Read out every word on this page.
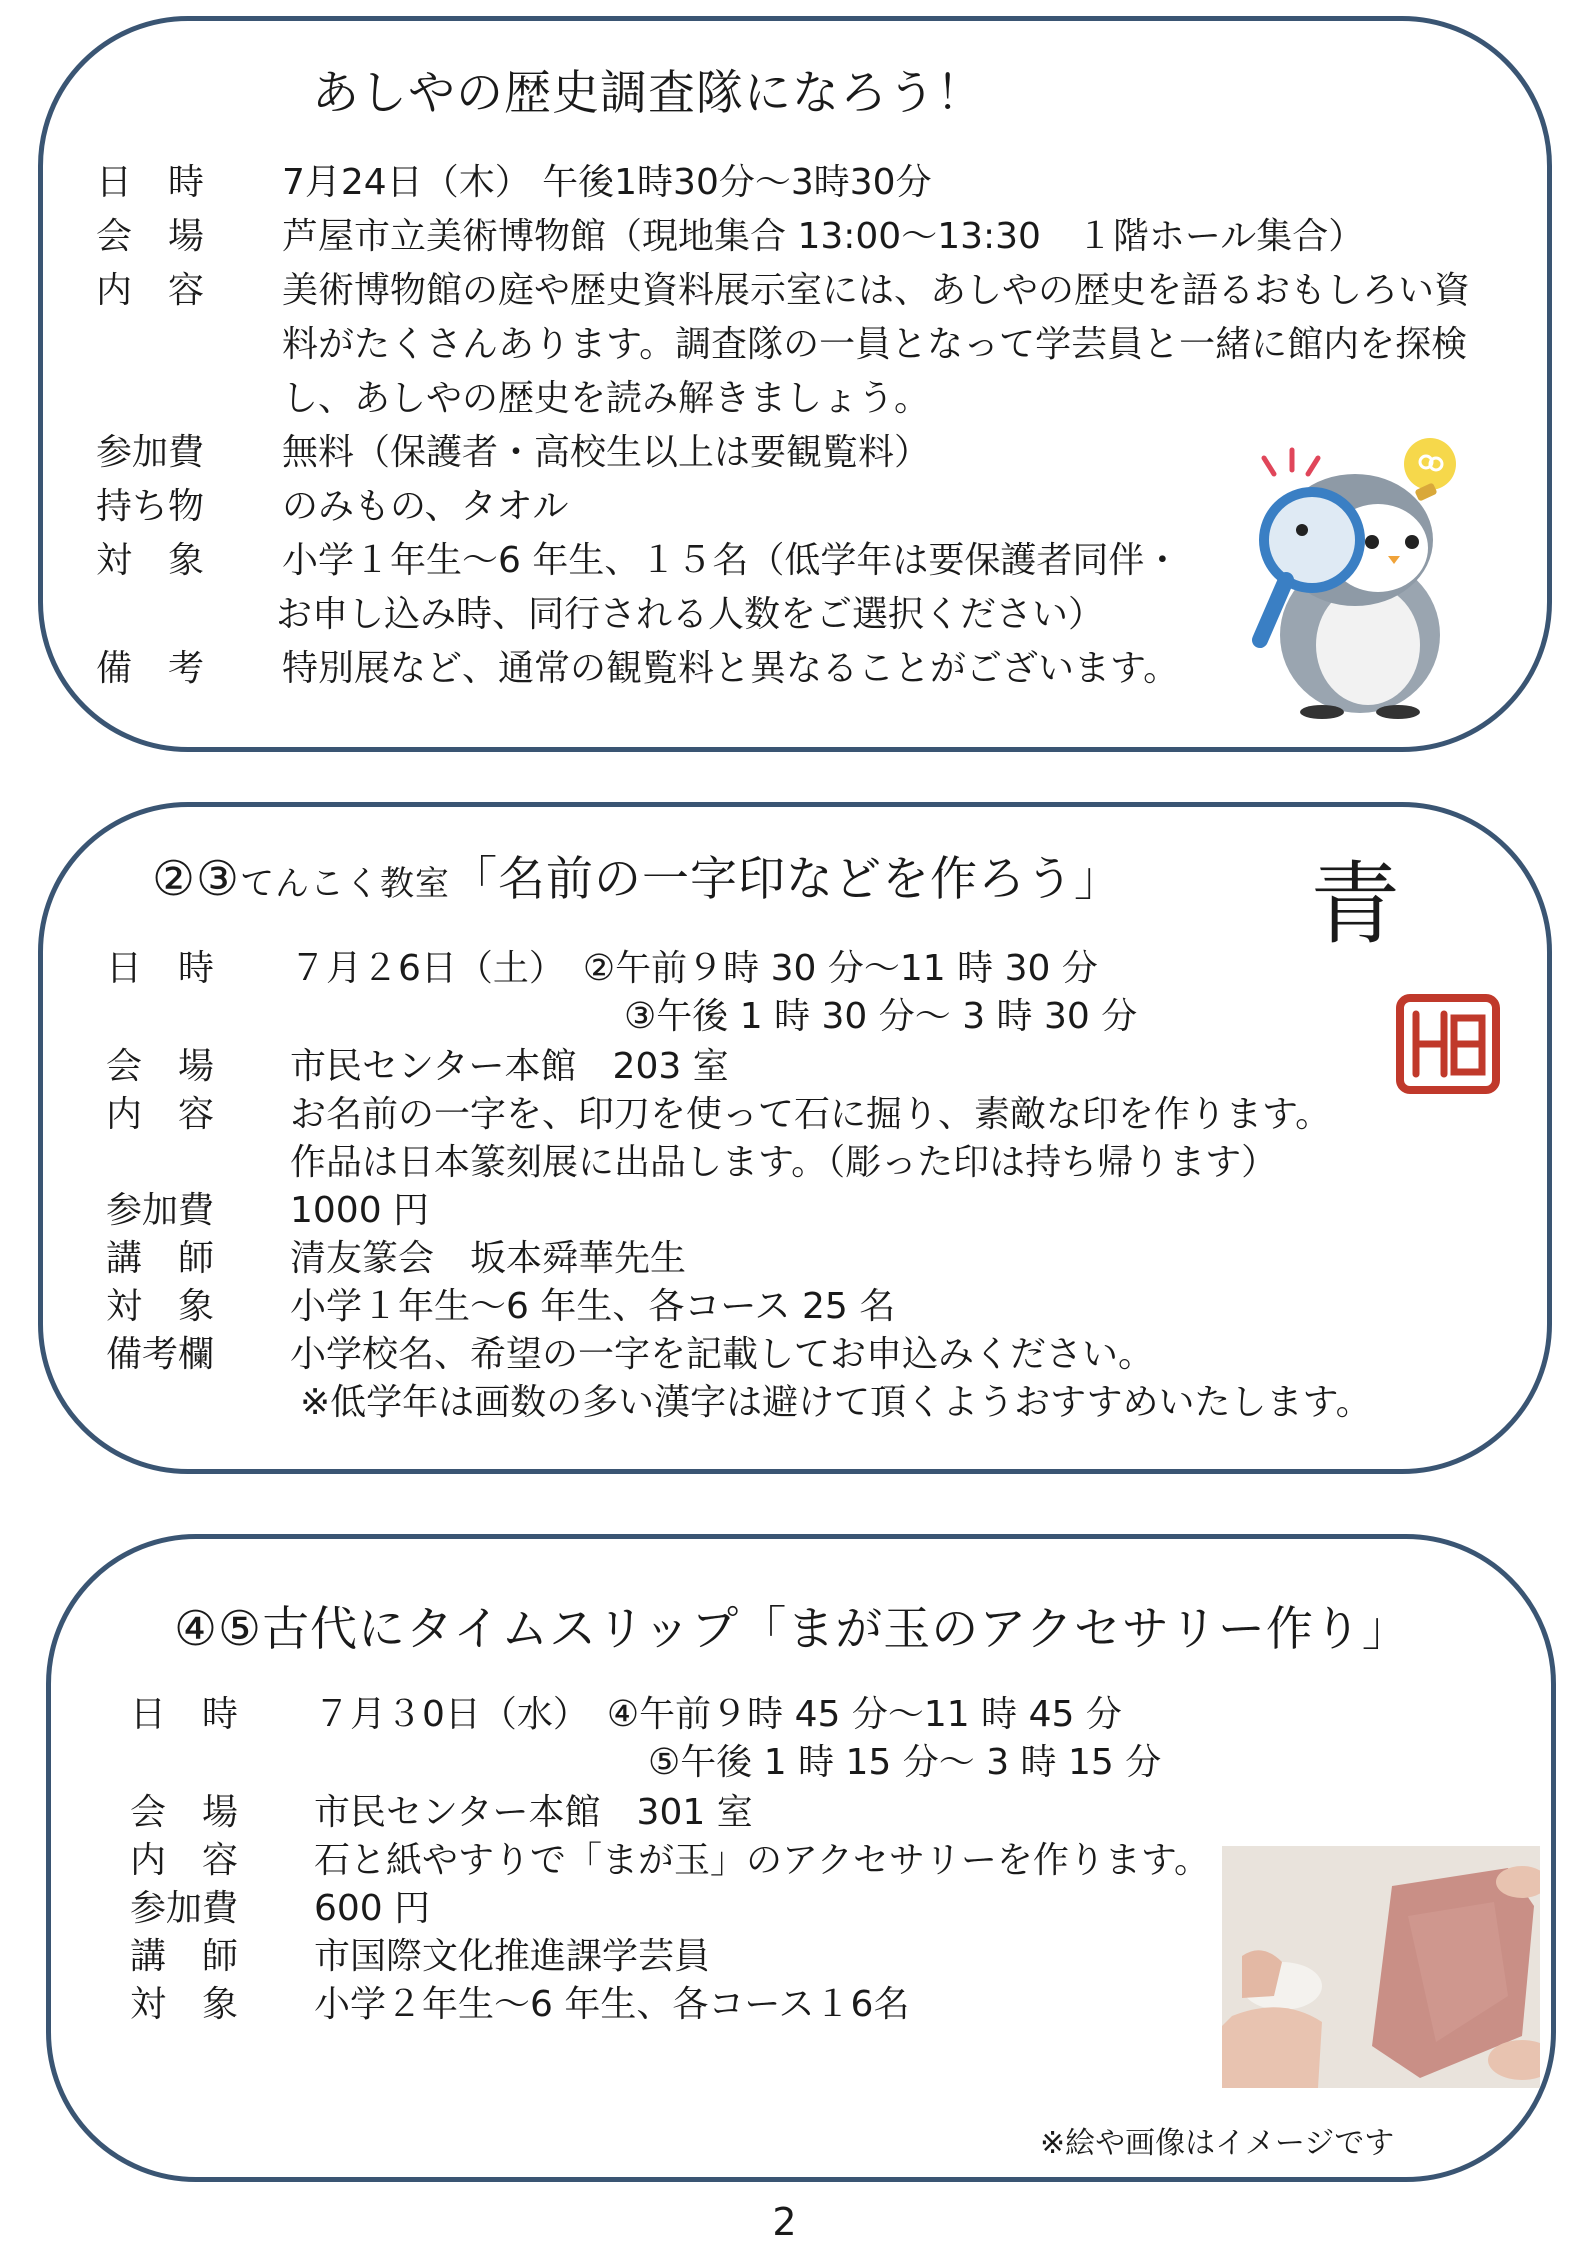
あしやの歴史調査隊になろう！
日　時 7月24日（木） 午後1時30分～3時30分
会　場 芦屋市立美術博物館（現地集合 13:00～13:30　１階ホール集合）
内　容 美術博物館の庭や歴史資料展示室には、あしやの歴史を語るおもしろい資
料がたくさんあります。調査隊の一員となって学芸員と一緒に館内を探検
し、あしやの歴史を読み解きましょう。
参加費 無料（保護者・高校生以上は要観覧料）
持ち物 のみもの、タオル
対　象 小学１年生～6 年生、１５名（低学年は要保護者同伴・
お申し込み時、同行される人数をご選択ください）
備　考 特別展など、通常の観覧料と異なることがございます。
②③てんこく教室「名前の一字印などを作ろう」
日　時 ７月２6日（土）　②午前９時 30 分～11 時 30 分
③午後 1 時 30 分～ 3 時 30 分
会　場 市民センター本館　203 室
内　容 お名前の一字を、印刀を使って石に掘り、素敵な印を作ります。
作品は日本篆刻展に出品します。（彫った印は持ち帰ります）
参加費 1000 円
講　師 清友篆会　坂本舜華先生
対　象 小学１年生～6 年生、各コース 25 名
備考欄 小学校名、希望の一字を記載してお申込みください。
※低学年は画数の多い漢字は避けて頂くようおすすめいたします。
青
④⑤古代にタイムスリップ「まが玉のアクセサリー作り」
日　時 ７月３0日（水）　④午前９時 45 分～11 時 45 分
⑤午後 1 時 15 分～ 3 時 15 分
会　場 市民センター本館　301 室
内　容 石と紙やすりで「まが玉」のアクセサリーを作ります。
参加費 600 円
講　師 市国際文化推進課学芸員
対　象 小学２年生～6 年生、各コース１6名
※絵や画像はイメージです
2
